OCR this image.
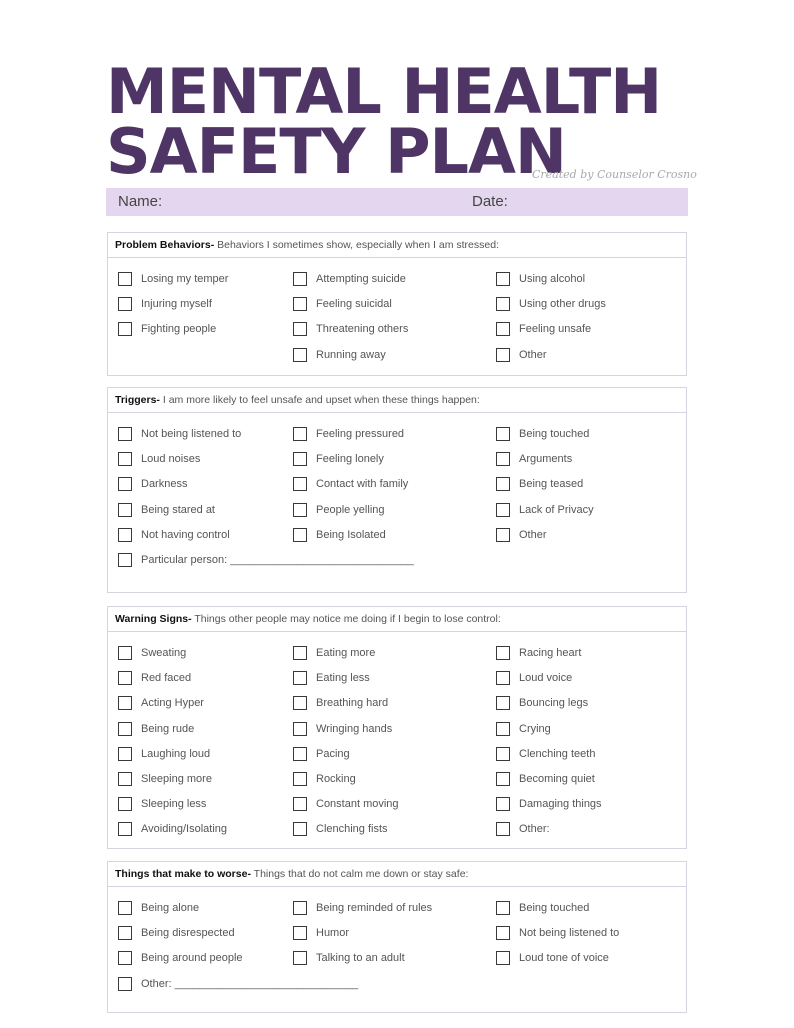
MENTAL HEALTH
SAFETY PLAN
Created by Counselor Crosno
Name:	Date:
Problem Behaviors- Behaviors I sometimes show, especially when I am stressed:
Losing my temper
Injuring myself
Fighting people
Attempting suicide
Feeling suicidal
Threatening others
Running away
Using alcohol
Using other drugs
Feeling unsafe
Other
Triggers- I am more likely to feel unsafe and upset when these things happen:
Not being listened to
Loud noises
Darkness
Being stared at
Not having control
Particular person: ______________________________
Feeling pressured
Feeling lonely
Contact with family
People yelling
Being Isolated
Being touched
Arguments
Being teased
Lack of Privacy
Other
Warning Signs- Things other people may notice me doing if I begin to lose control:
Sweating
Red faced
Acting Hyper
Being rude
Laughing loud
Sleeping more
Sleeping less
Avoiding/Isolating
Eating more
Eating less
Breathing hard
Wringing hands
Pacing
Rocking
Constant moving
Clenching fists
Racing heart
Loud voice
Bouncing legs
Crying
Clenching teeth
Becoming quiet
Damaging things
Other:
Things that make to worse- Things that do not calm me down or stay safe:
Being alone
Being disrespected
Being around people
Other: ______________________________
Being reminded of rules
Humor
Talking to an adult
Being touched
Not being listened to
Loud tone of voice
